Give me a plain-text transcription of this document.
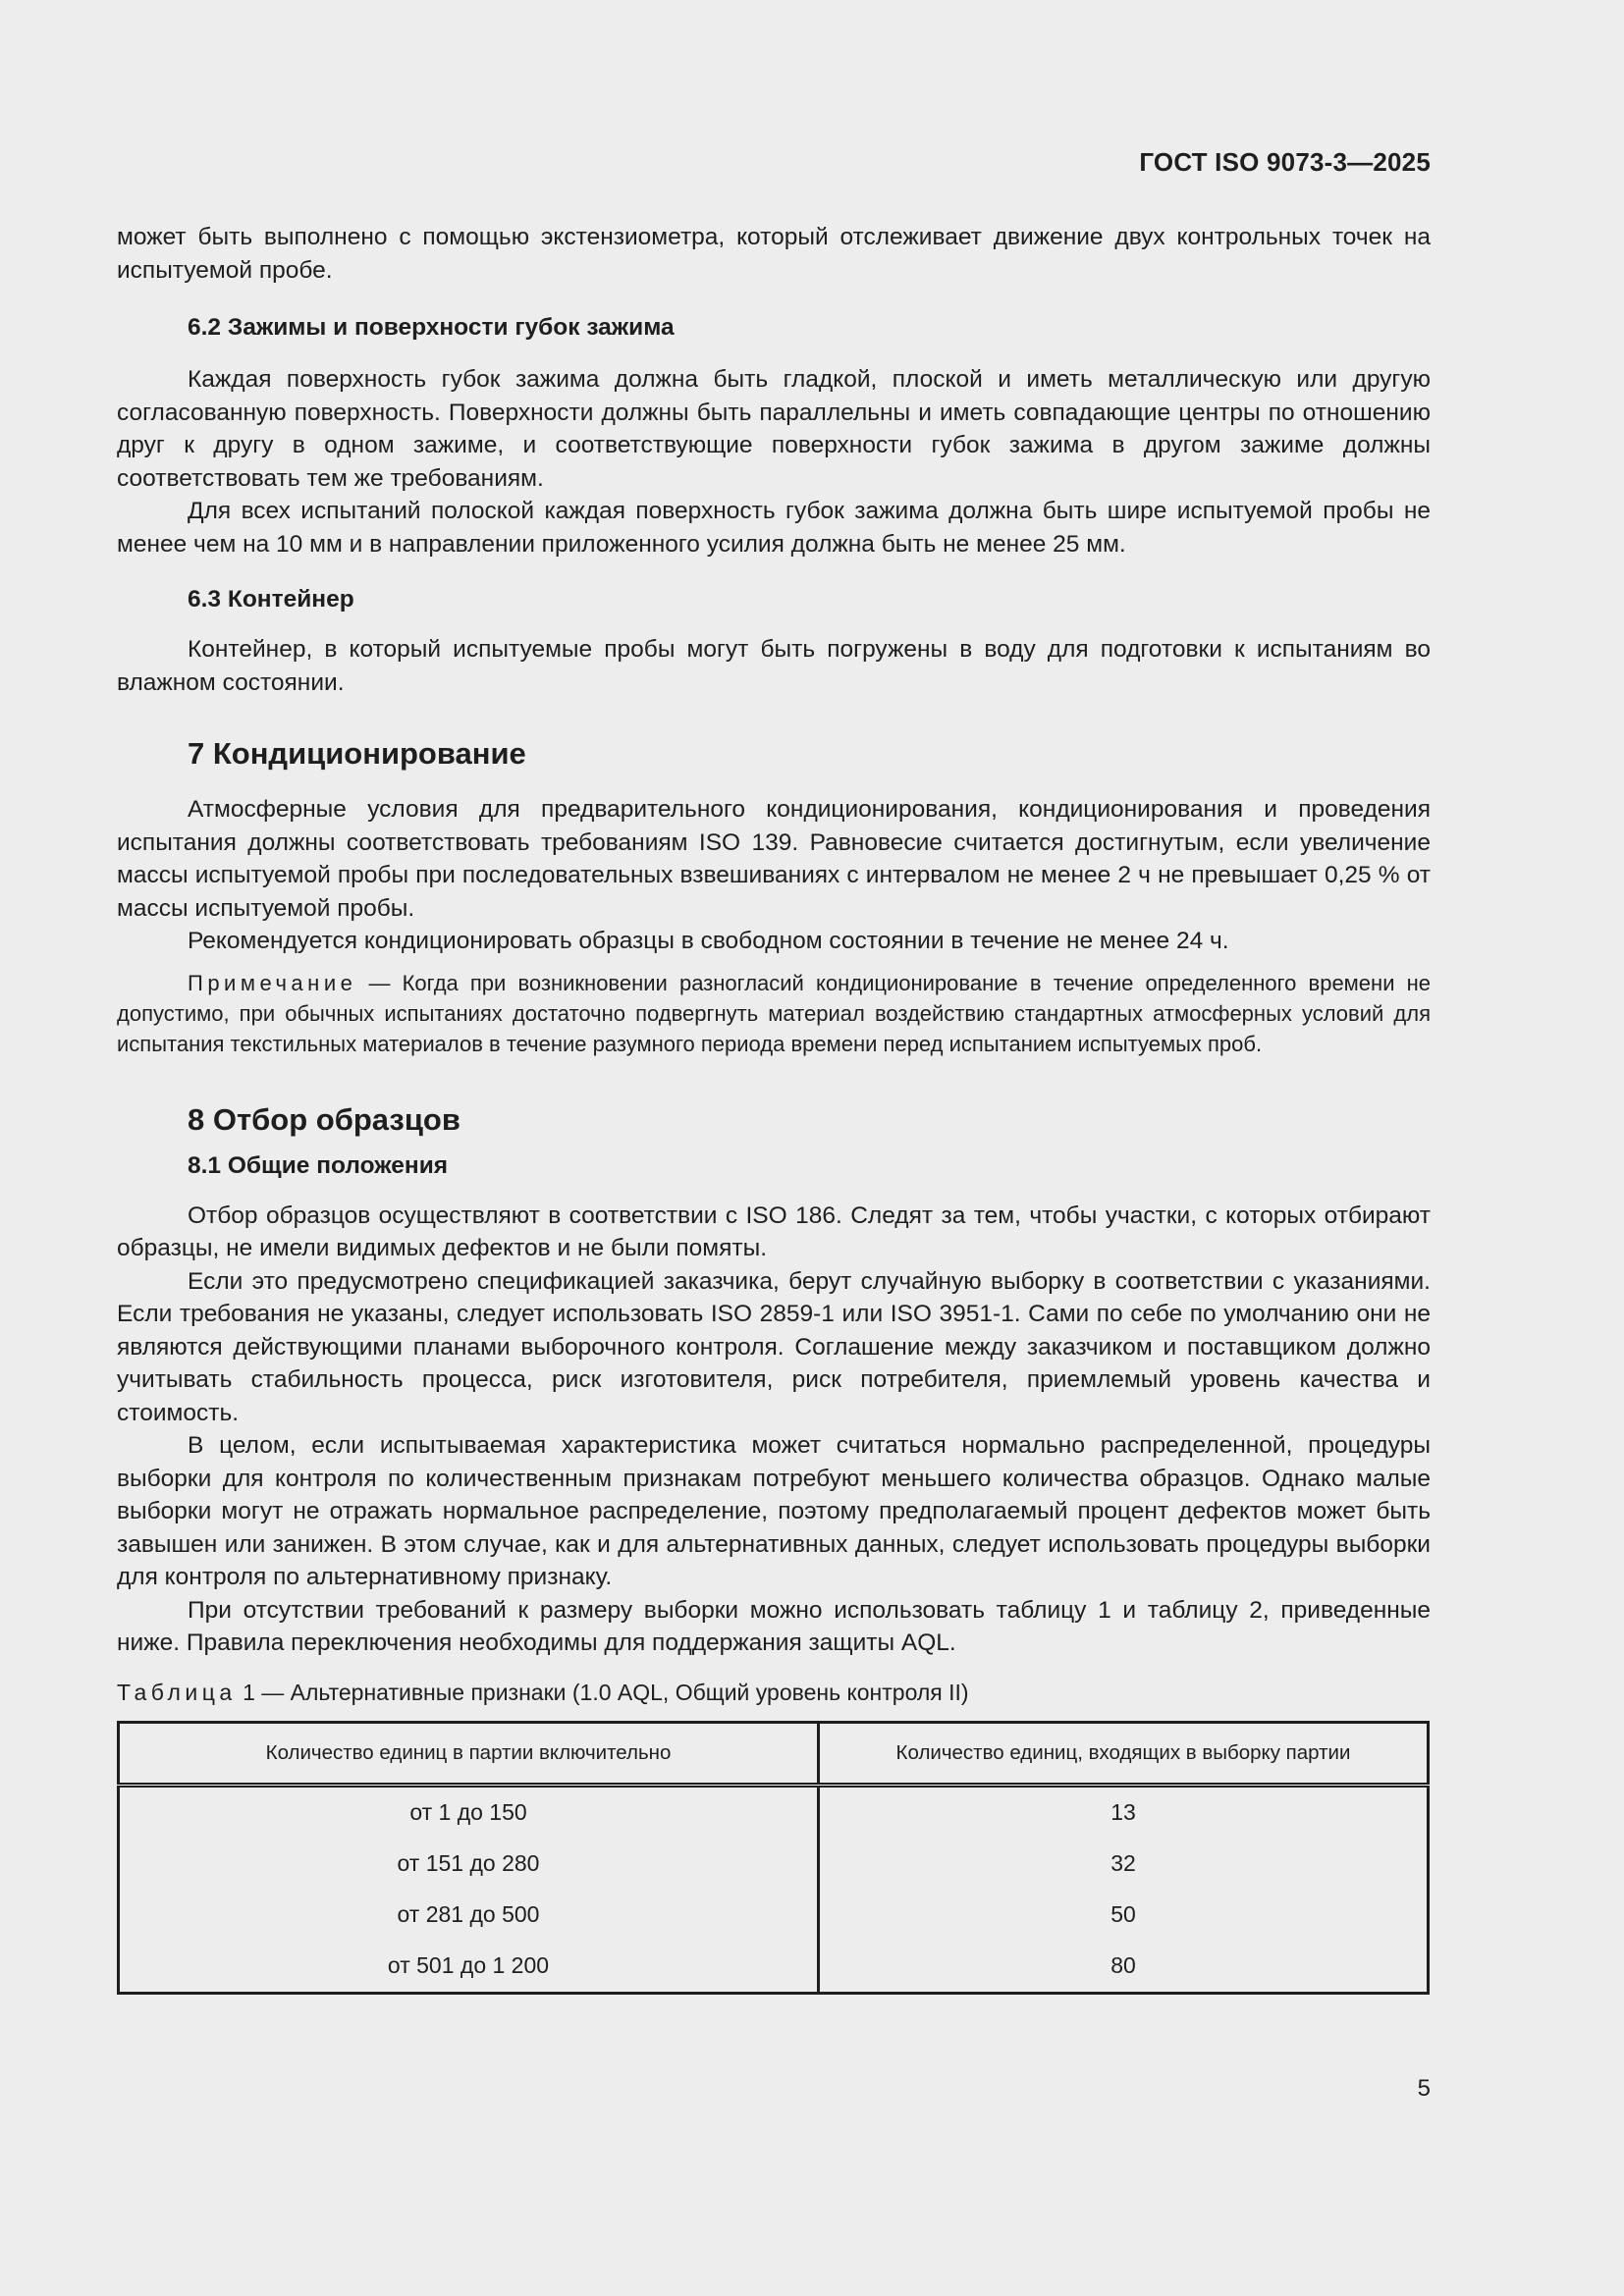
ГОСТ ISO 9073-3—2025

может быть выполнено с помощью экстензиометра, который отслеживает движение двух контрольных точек на испытуемой пробе.

6.2 Зажимы и поверхности губок зажима

Каждая поверхность губок зажима должна быть гладкой, плоской и иметь металлическую или другую согласованную поверхность. Поверхности должны быть параллельны и иметь совпадающие центры по отношению друг к другу в одном зажиме, и соответствующие поверхности губок зажима в другом зажиме должны соответствовать тем же требованиям.

Для всех испытаний полоской каждая поверхность губок зажима должна быть шире испытуемой пробы не менее чем на 10 мм и в направлении приложенного усилия должна быть не менее 25 мм.

6.3 Контейнер

Контейнер, в который испытуемые пробы могут быть погружены в воду для подготовки к испытаниям во влажном состоянии.

7 Кондиционирование

Атмосферные условия для предварительного кондиционирования, кондиционирования и проведения испытания должны соответствовать требованиям ISO 139. Равновесие считается достигнутым, если увеличение массы испытуемой пробы при последовательных взвешиваниях с интервалом не менее 2 ч не превышает 0,25 % от массы испытуемой пробы.

Рекомендуется кондиционировать образцы в свободном состоянии в течение не менее 24 ч.

Примечание — Когда при возникновении разногласий кондиционирование в течение определенного времени не допустимо, при обычных испытаниях достаточно подвергнуть материал воздействию стандартных атмосферных условий для испытания текстильных материалов в течение разумного периода времени перед испытанием испытуемых проб.
8 Отбор образцов
8.1 Общие положения

Отбор образцов осуществляют в соответствии с ISO 186. Следят за тем, чтобы участки, с которых отбирают образцы, не имели видимых дефектов и не были помяты.

Если это предусмотрено спецификацией заказчика, берут случайную выборку в соответствии с указаниями. Если требования не указаны, следует использовать ISO 2859-1 или ISO 3951-1. Сами по себе по умолчанию они не являются действующими планами выборочного контроля. Соглашение между заказчиком и поставщиком должно учитывать стабильность процесса, риск изготовителя, риск потребителя, приемлемый уровень качества и стоимость.

В целом, если испытываемая характеристика может считаться нормально распределенной, процедуры выборки для контроля по количественным признакам потребуют меньшего количества образцов. Однако малые выборки могут не отражать нормальное распределение, поэтому предполагаемый процент дефектов может быть завышен или занижен. В этом случае, как и для альтернативных данных, следует использовать процедуры выборки для контроля по альтернативному признаку.

При отсутствии требований к размеру выборки можно использовать таблицу 1 и таблицу 2, приведенные ниже. Правила переключения необходимы для поддержания защиты AQL.

Таблица 1 — Альтернативные признаки (1.0 AQL, Общий уровень контроля II)
Количество единиц в партии включительно	Количество единиц, входящих в выборку партии
от 1 до 150	13
от 151 до 280	32
от 281 до 500	50
от 501 до 1 200	80
5
